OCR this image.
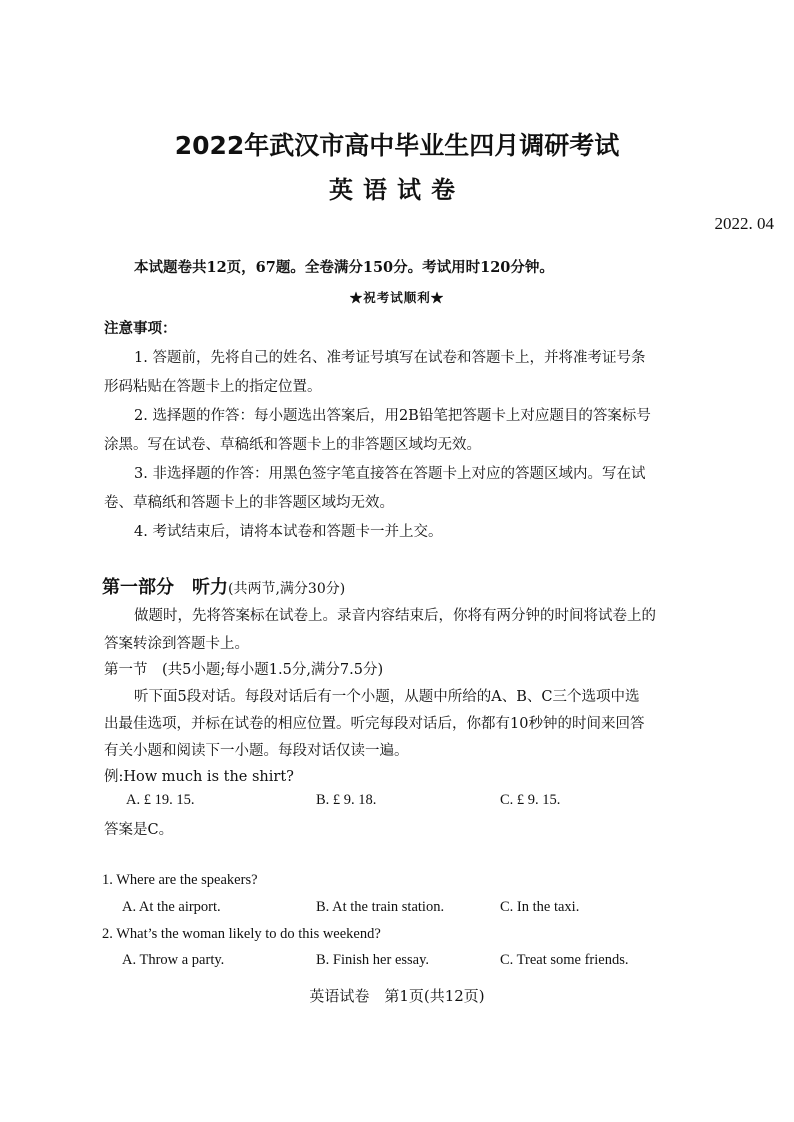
2022年武汉市高中毕业生四月调研考试
英语试卷
2022. 04
本试题卷共12页，67题。全卷满分150分。考试用时120分钟。
★祝考试顺利★
注意事项：
1. 答题前，先将自己的姓名、准考证号填写在试卷和答题卡上，并将准考证号条
形码粘贴在答题卡上的指定位置。
2. 选择题的作答：每小题选出答案后，用2B铅笔把答题卡上对应题目的答案标号
涂黑。写在试卷、草稿纸和答题卡上的非答题区域均无效。
3. 非选择题的作答：用黑色签字笔直接答在答题卡上对应的答题区域内。写在试
卷、草稿纸和答题卡上的非答题区域均无效。
4. 考试结束后，请将本试卷和答题卡一并上交。
第一部分　听力(共两节,满分30分)
做题时，先将答案标在试卷上。录音内容结束后，你将有两分钟的时间将试卷上的
答案转涂到答题卡上。
第一节　(共5小题;每小题1.5分,满分7.5分)
听下面5段对话。每段对话后有一个小题，从题中所给的A、B、C三个选项中选
出最佳选项，并标在试卷的相应位置。听完每段对话后，你都有10秒钟的时间来回答
有关小题和阅读下一小题。每段对话仅读一遍。
例:How much is the shirt?
A. £ 19. 15.	B. £ 9. 18.	C. £ 9. 15.
答案是C。
1. Where are the speakers?
A. At the airport.	B. At the train station.	C. In the taxi.
2. What’s the woman likely to do this weekend?
A. Throw a party.	B. Finish her essay.	C. Treat some friends.
英语试卷　第1页(共12页)
